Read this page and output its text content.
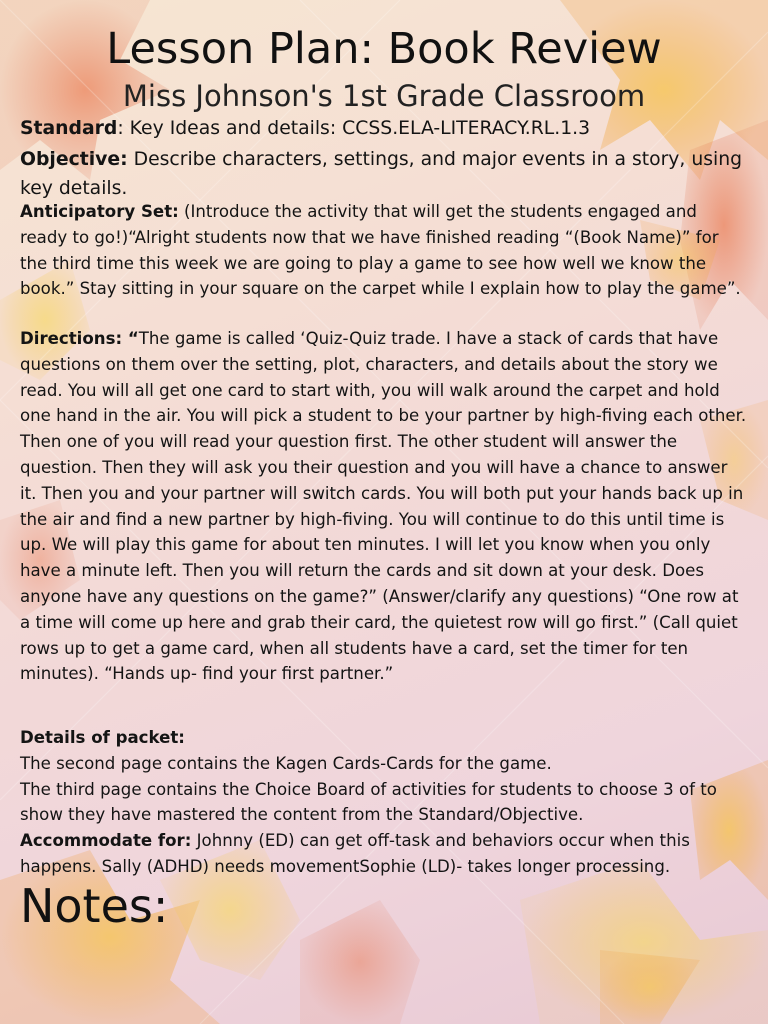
Lesson Plan: Book Review
Miss Johnson's 1st Grade Classroom

Standard: Key Ideas and details: CCSS.ELA-LITERACY.RL.1.3

Objective: Describe characters, settings, and major events in a story, using key details.

Anticipatory Set: (Introduce the activity that will get the students engaged and ready to go!)“Alright students now that we have finished reading “(Book Name)” for the third time this week we are going to play a game to see how well we know the book.” Stay sitting in your square on the carpet while I explain how to play the game”.

Directions: “The game is called ‘Quiz-Quiz trade. I have a stack of cards that have questions on them over the setting, plot, characters, and details about the story we read. You will all get one card to start with, you will walk around the carpet and hold one hand in the air. You will pick a student to be your partner by high-fiving each other. Then one of you will read your question first. The other student will answer the question. Then they will ask you their question and you will have a chance to answer it. Then you and your partner will switch cards. You will both put your hands back up in the air and find a new partner by high-fiving. You will continue to do this until time is up. We will play this game for about ten minutes. I will let you know when you only have a minute left. Then you will return the cards and sit down at your desk. Does anyone have any questions on the game?” (Answer/clarify any questions) “One row at a time will come up here and grab their card, the quietest row will go first.” (Call quiet rows up to get a game card, when all students have a card, set the timer for ten minutes). “Hands up- find your first partner.”

Details of packet:
The second page contains the Kagen Cards-Cards for the game.
The third page contains the Choice Board of activities for students to choose 3 of to show they have mastered the content from the Standard/Objective.

Accommodate for: Johnny (ED) can get off-task and behaviors occur when this happens. Sally (ADHD) needs movementSophie (LD)- takes longer processing.

Notes:
